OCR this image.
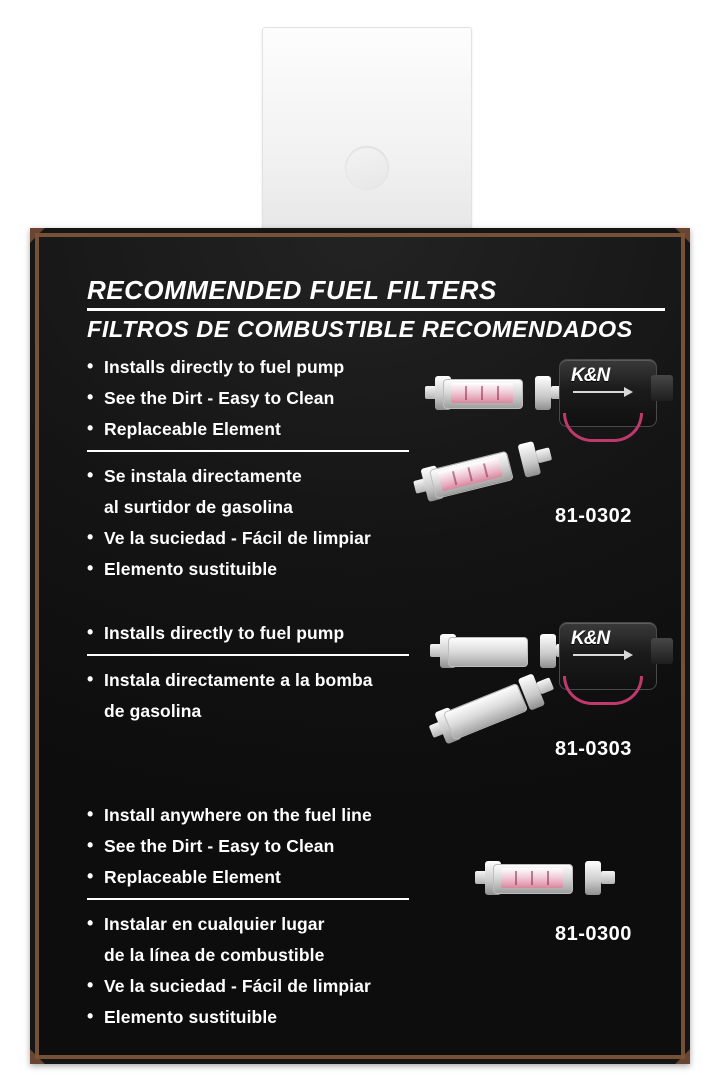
RECOMMENDED FUEL FILTERS
FILTROS DE COMBUSTIBLE RECOMENDADOS
• Installs directly to fuel pump
• See the Dirt - Easy to Clean
• Replaceable Element
• Se instala directamente
al surtidor de gasolina
• Ve la suciedad - Fácil de limpiar
• Elemento sustituible
K&N
81-0302
• Installs directly to fuel pump
• Instala directamente a la bomba
de gasolina
K&N
81-0303
• Install anywhere on the fuel line
• See the Dirt - Easy to Clean
• Replaceable Element
• Instalar en cualquier lugar
de la línea de combustible
• Ve la suciedad - Fácil de limpiar
• Elemento sustituible
81-0300
